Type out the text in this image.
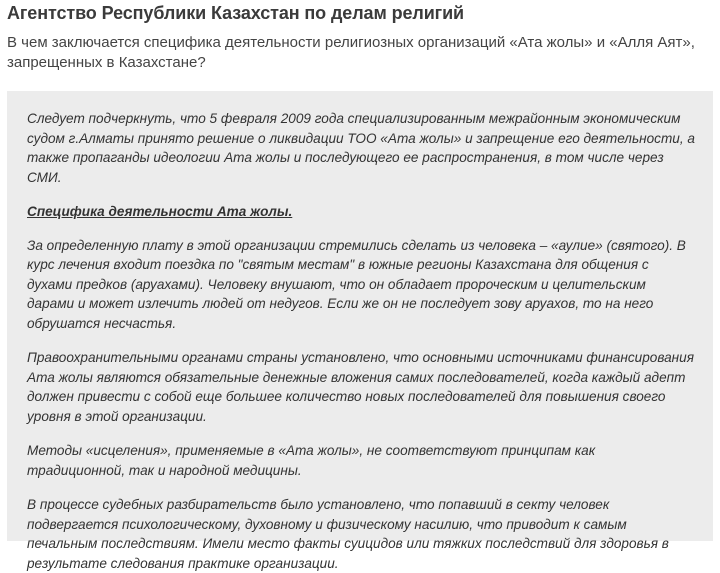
Агентство Республики Казахстан по делам религий

В чем заключается специфика деятельности религиозных организаций «Ата жолы» и «Алля Аят», запрещенных в Казахстане?

Следует подчеркнуть, что 5 февраля 2009 года специализированным межрайонным экономическим судом г.Алматы принято решение о ликвидации ТОО «Ата жолы» и запрещение его деятельности, а также пропаганды идеологии Ата жолы и последующего ее распространения, в том числе через СМИ.

Специфика деятельности Ата жолы.

За определенную плату в этой организации стремились сделать из человека – «аулие» (святого). В курс лечения входит поездка по "святым местам" в южные регионы Казахстана для общения с духами предков (аруахами). Человеку внушают, что он обладает пророческим и целительским дарами и может излечить людей от недугов. Если же он не последует зову аруахов, то на него обрушатся несчастья.

Правоохранительными органами страны установлено, что основными источниками финансирования Ата жолы являются обязательные денежные вложения самих последователей, когда каждый адепт должен привести с собой еще большее количество новых последователей для повышения своего уровня в этой организации.

Методы «исцеления», применяемые в «Ата жолы», не соответствуют принципам как традиционной, так и народной медицины.

В процессе судебных разбирательств было установлено, что попавший в секту человек подвергается психологическому, духовному и физическому насилию, что приводит к самым печальным последствиям. Имели место факты суицидов или тяжких последствий для здоровья в результате следования практике организации.
